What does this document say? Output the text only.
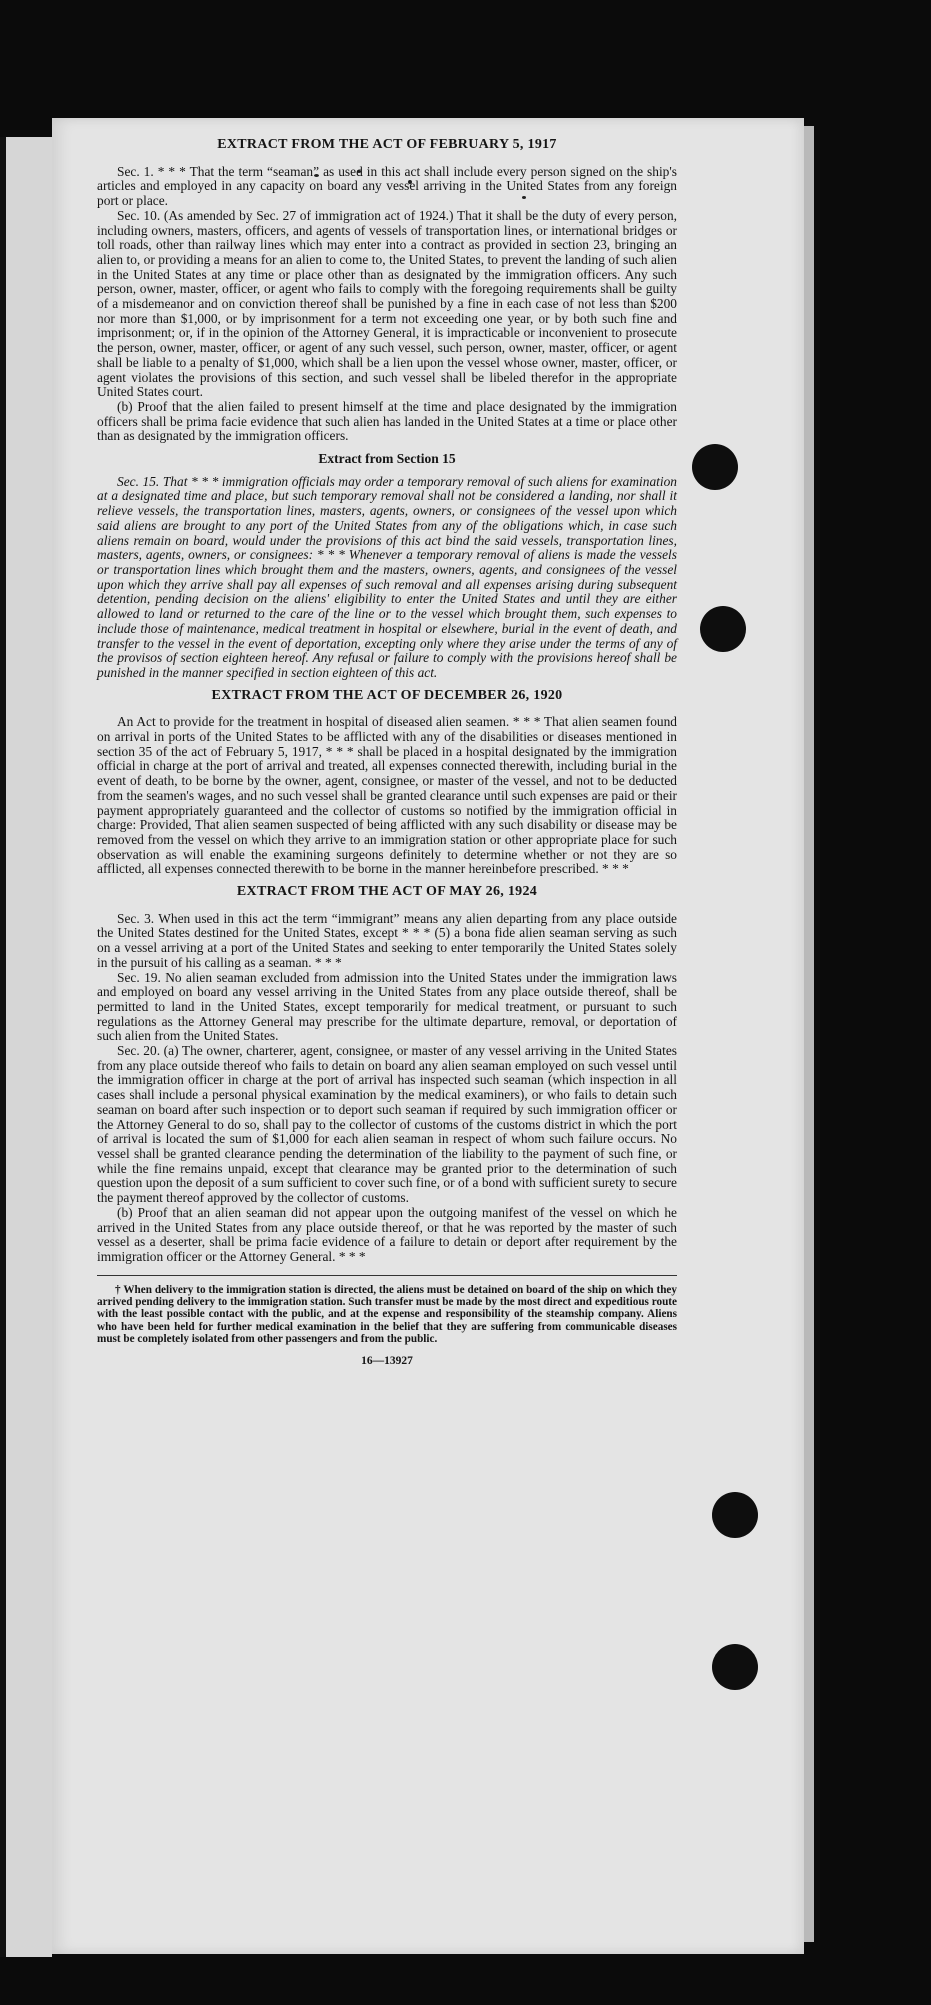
EXTRACT FROM THE ACT OF FEBRUARY 5, 1917

Sec. 1. * * * That the term “seaman” as used in this act shall include every person signed on the ship's articles and employed in any capacity on board any vessel arriving in the United States from any foreign port or place.

Sec. 10. (As amended by Sec. 27 of immigration act of 1924.) That it shall be the duty of every person, including owners, masters, officers, and agents of vessels of transportation lines, or international bridges or toll roads, other than railway lines which may enter into a contract as provided in section 23, bringing an alien to, or providing a means for an alien to come to, the United States, to prevent the landing of such alien in the United States at any time or place other than as designated by the immigration officers. Any such person, owner, master, officer, or agent who fails to comply with the foregoing requirements shall be guilty of a misdemeanor and on conviction thereof shall be punished by a fine in each case of not less than $200 nor more than $1,000, or by imprisonment for a term not exceeding one year, or by both such fine and imprisonment; or, if in the opinion of the Attorney General, it is impracticable or inconvenient to prosecute the person, owner, master, officer, or agent of any such vessel, such person, owner, master, officer, or agent shall be liable to a penalty of $1,000, which shall be a lien upon the vessel whose owner, master, officer, or agent violates the provisions of this section, and such vessel shall be libeled therefor in the appropriate United States court.

(b) Proof that the alien failed to present himself at the time and place designated by the immigration officers shall be prima facie evidence that such alien has landed in the United States at a time or place other than as designated by the immigration officers.

Extract from Section 15

Sec. 15. That * * * immigration officials may order a temporary removal of such aliens for examination at a designated time and place, but such temporary removal shall not be considered a landing, nor shall it relieve vessels, the transportation lines, masters, agents, owners, or consignees of the vessel upon which said aliens are brought to any port of the United States from any of the obligations which, in case such aliens remain on board, would under the provisions of this act bind the said vessels, transportation lines, masters, agents, owners, or consignees: * * * Whenever a temporary removal of aliens is made the vessels or transportation lines which brought them and the masters, owners, agents, and consignees of the vessel upon which they arrive shall pay all expenses of such removal and all expenses arising during subsequent detention, pending decision on the aliens' eligibility to enter the United States and until they are either allowed to land or returned to the care of the line or to the vessel which brought them, such expenses to include those of maintenance, medical treatment in hospital or elsewhere, burial in the event of death, and transfer to the vessel in the event of deportation, excepting only where they arise under the terms of any of the provisos of section eighteen hereof. Any refusal or failure to comply with the provisions hereof shall be punished in the manner specified in section eighteen of this act.

EXTRACT FROM THE ACT OF DECEMBER 26, 1920

An Act to provide for the treatment in hospital of diseased alien seamen. * * * That alien seamen found on arrival in ports of the United States to be afflicted with any of the disabilities or diseases mentioned in section 35 of the act of February 5, 1917, * * * shall be placed in a hospital designated by the immigration official in charge at the port of arrival and treated, all expenses connected therewith, including burial in the event of death, to be borne by the owner, agent, consignee, or master of the vessel, and not to be deducted from the seamen's wages, and no such vessel shall be granted clearance until such expenses are paid or their payment appropriately guaranteed and the collector of customs so notified by the immigration official in charge: Provided, That alien seamen suspected of being afflicted with any such disability or disease may be removed from the vessel on which they arrive to an immigration station or other appropriate place for such observation as will enable the examining surgeons definitely to determine whether or not they are so afflicted, all expenses connected therewith to be borne in the manner hereinbefore prescribed. * * *

EXTRACT FROM THE ACT OF MAY 26, 1924

Sec. 3. When used in this act the term “immigrant” means any alien departing from any place outside the United States destined for the United States, except * * * (5) a bona fide alien seaman serving as such on a vessel arriving at a port of the United States and seeking to enter temporarily the United States solely in the pursuit of his calling as a seaman. * * *

Sec. 19. No alien seaman excluded from admission into the United States under the immigration laws and employed on board any vessel arriving in the United States from any place outside thereof, shall be permitted to land in the United States, except temporarily for medical treatment, or pursuant to such regulations as the Attorney General may prescribe for the ultimate departure, removal, or deportation of such alien from the United States.

Sec. 20. (a) The owner, charterer, agent, consignee, or master of any vessel arriving in the United States from any place outside thereof who fails to detain on board any alien seaman employed on such vessel until the immigration officer in charge at the port of arrival has inspected such seaman (which inspection in all cases shall include a personal physical examination by the medical examiners), or who fails to detain such seaman on board after such inspection or to deport such seaman if required by such immigration officer or the Attorney General to do so, shall pay to the collector of customs of the customs district in which the port of arrival is located the sum of $1,000 for each alien seaman in respect of whom such failure occurs. No vessel shall be granted clearance pending the determination of the liability to the payment of such fine, or while the fine remains unpaid, except that clearance may be granted prior to the determination of such question upon the deposit of a sum sufficient to cover such fine, or of a bond with sufficient surety to secure the payment thereof approved by the collector of customs.

(b) Proof that an alien seaman did not appear upon the outgoing manifest of the vessel on which he arrived in the United States from any place outside thereof, or that he was reported by the master of such vessel as a deserter, shall be prima facie evidence of a failure to detain or deport after requirement by the immigration officer or the Attorney General. * * *

† When delivery to the immigration station is directed, the aliens must be detained on board of the ship on which they arrived pending delivery to the immigration station. Such transfer must be made by the most direct and expeditious route with the least possible contact with the public, and at the expense and responsibility of the steamship company. Aliens who have been held for further medical examination in the belief that they are suffering from communicable diseases must be completely isolated from other passengers and from the public.

16—13927
